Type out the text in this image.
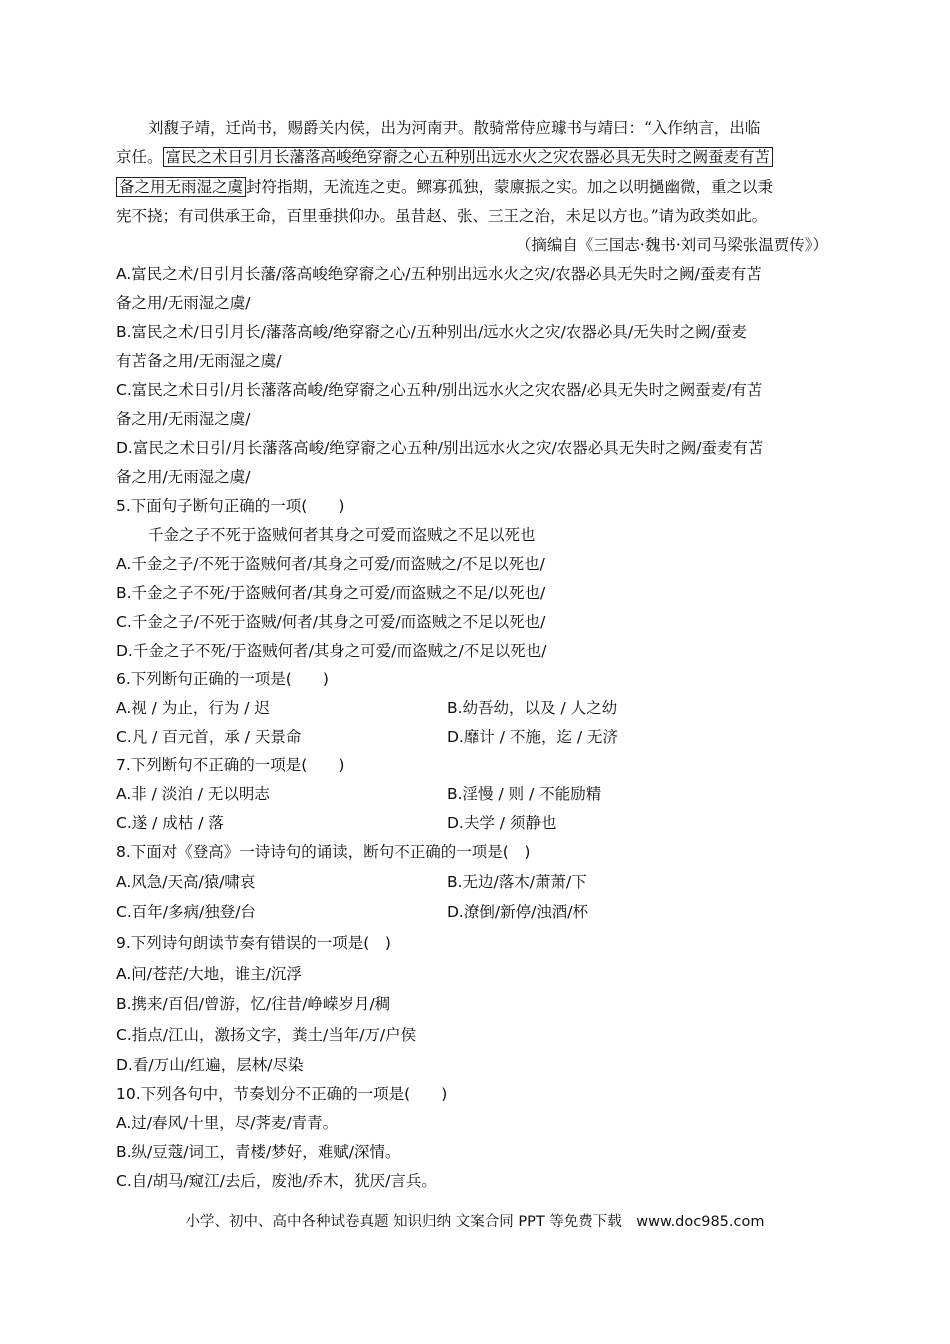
刘馥子靖，迁尚书，赐爵关内侯，出为河南尹。散骑常侍应璩书与靖曰：“入作纳言，出临
京任。 富民之术日引月长藩落高峻绝穿窬之心五种别出远水火之灾农器必具无失时之阙蚕麦有苫
备之用无雨湿之虞 封符指期，无流连之吏。鳏寡孤独，蒙廪振之实。加之以明撾幽微，重之以秉
宪不挠；有司供承王命，百里垂拱仰办。虽昔赵、张、三王之治，未足以方也。”请为政类如此。
（摘编自《三国志·魏书·刘司马梁张温贾传》）
A.富民之术/日引月长藩/落高峻绝穿窬之心/五种别出远水火之灾/农器必具无失时之阙/蚕麦有苫
备之用/无雨湿之虞/
B.富民之术/日引月长/藩落高峻/绝穿窬之心/五种别出/远水火之灾/农器必具/无失时之阙/蚕麦
有苫备之用/无雨湿之虞/
C.富民之术日引/月长藩落高峻/绝穿窬之心五种/别出远水火之灾农器/必具无失时之阙蚕麦/有苫
备之用/无雨湿之虞/
D.富民之术日引/月长藩落高峻/绝穿窬之心五种/别出远水火之灾/农器必具无失时之阙/蚕麦有苫
备之用/无雨湿之虞/
5.下面句子断句正确的一项(　　)
千金之子不死于盗贼何者其身之可爱而盗贼之不足以死也
A.千金之子/不死于盗贼何者/其身之可爱/而盗贼之/不足以死也/
B.千金之子不死/于盗贼何者/其身之可爱/而盗贼之不足/以死也/
C.千金之子/不死于盗贼/何者/其身之可爱/而盗贼之不足以死也/
D.千金之子不死/于盗贼何者/其身之可爱/而盗贼之/不足以死也/
6.下列断句正确的一项是(　　)
A.视 / 为止，行为 / 迟	B.幼吾幼，以及 / 人之幼
C.凡 / 百元首，承 / 天景命	D.靡计 / 不施，迄 / 无济
7.下列断句不正确的一项是(　　)
A.非 / 淡泊 / 无以明志	B.淫慢 / 则 / 不能励精
C.遂 / 成枯 / 落	D.夫学 / 须静也
8.下面对《登高》一诗诗句的诵读，断句不正确的一项是(　)
A.风急/天高/猿/啸哀	B.无边/落木/萧萧/下
C.百年/多病/独登/台	D.潦倒/新停/浊酒/杯
9.下列诗句朗读节奏有错误的一项是(　)
A.问/苍茫/大地，谁主/沉浮
B.携来/百侣/曾游，忆/往昔/峥嵘岁月/稠
C.指点/江山，激扬文字，粪土/当年/万/户侯
D.看/万山/红遍，层林/尽染
10.下列各句中，节奏划分不正确的一项是(　　)
A.过/春风/十里，尽/荠麦/青青。
B.纵/豆蔻/词工，青楼/梦好，难赋/深情。
C.自/胡马/窥江/去后，废池/乔木，犹厌/言兵。
小学、初中、高中各种试卷真题 知识归纳 文案合同 PPT 等免费下载　www.doc985.com
